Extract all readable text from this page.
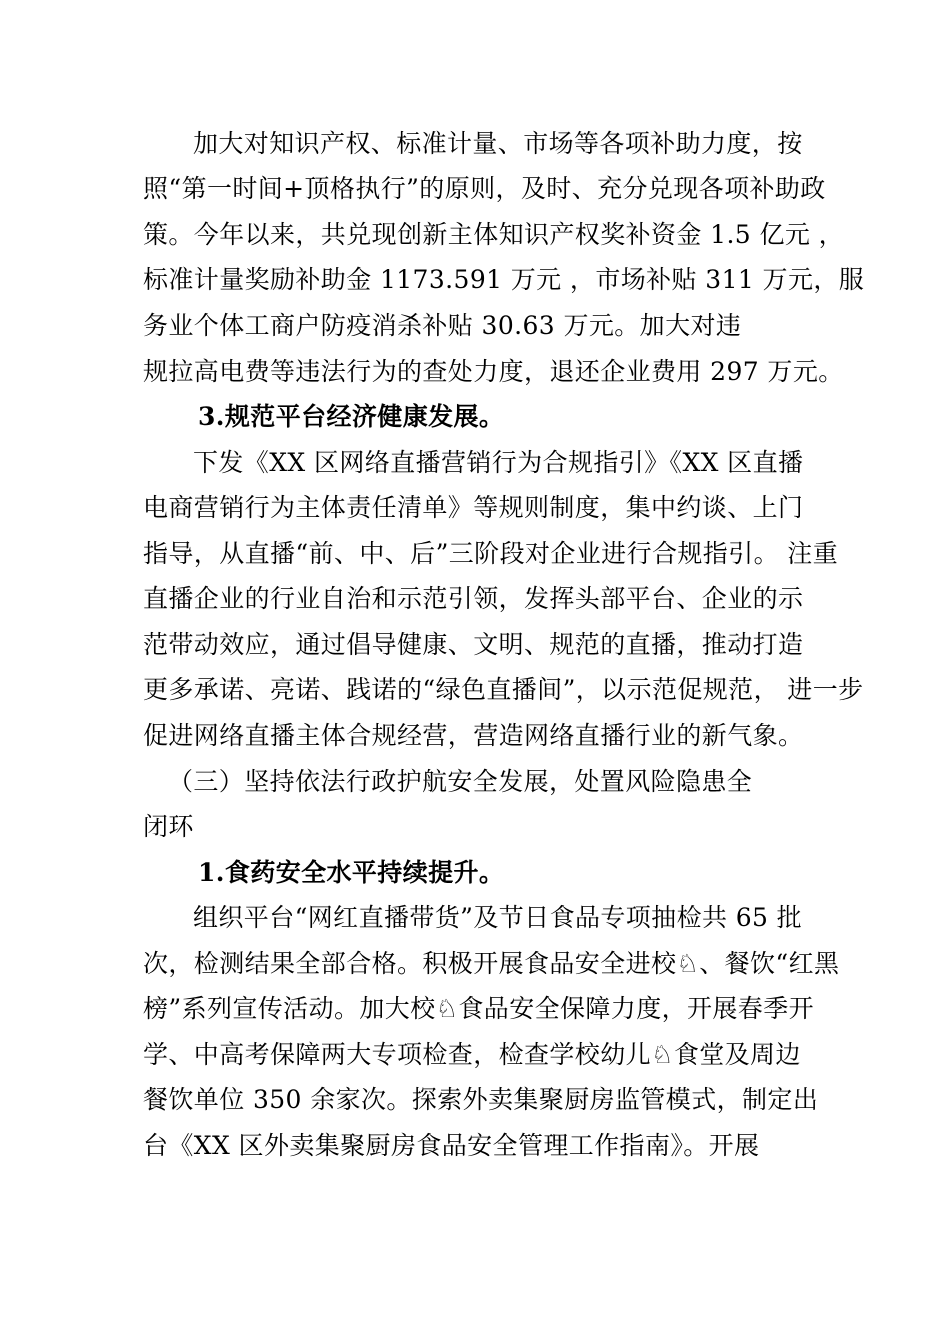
加大对知识产权、标准计量、市场等各项补助力度，按
照“第一时间+顶格执行”的原则，及时、充分兑现各项补助政
策。今年以来，共兑现创新主体知识产权奖补资金 1.5 亿元 ，
标准计量奖励补助金 1173.591 万元 ，市场补贴 311 万元，服
务业个体工商户防疫消杀补贴 30.63 万元。加大对违
规拉高电费等违法行为的查处力度，退还企业费用 297 万元。
3.规范平台经济健康发展。
下发《XX 区网络直播营销行为合规指引》《XX 区直播
电商营销行为主体责任清单》等规则制度，集中约谈、上门
指导，从直播“前、中、后”三阶段对企业进行合规指引。 注重
直播企业的行业自治和示范引领，发挥头部平台、企业的示
范带动效应，通过倡导健康、文明、规范的直播，推动打造
更多承诺、亮诺、践诺的“绿色直播间”，以示范促规范， 进一步
促进网络直播主体合规经营，营造网络直播行业的新气象。
（三）坚持依法行政护航安全发展，处置风险隐患全
闭环
1.食药安全水平持续提升。
组织平台“网红直播带货”及节日食品专项抽检共 65 批
次，检测结果全部合格。积极开展食品安全进校♘、餐饮“红黑
榜”系列宣传活动。加大校♘食品安全保障力度，开展春季开
学、中高考保障两大专项检查，检查学校幼儿♘食堂及周边
餐饮单位 350 余家次。探索外卖集聚厨房监管模式，制定出
台《XX 区外卖集聚厨房食品安全管理工作指南》。开展
